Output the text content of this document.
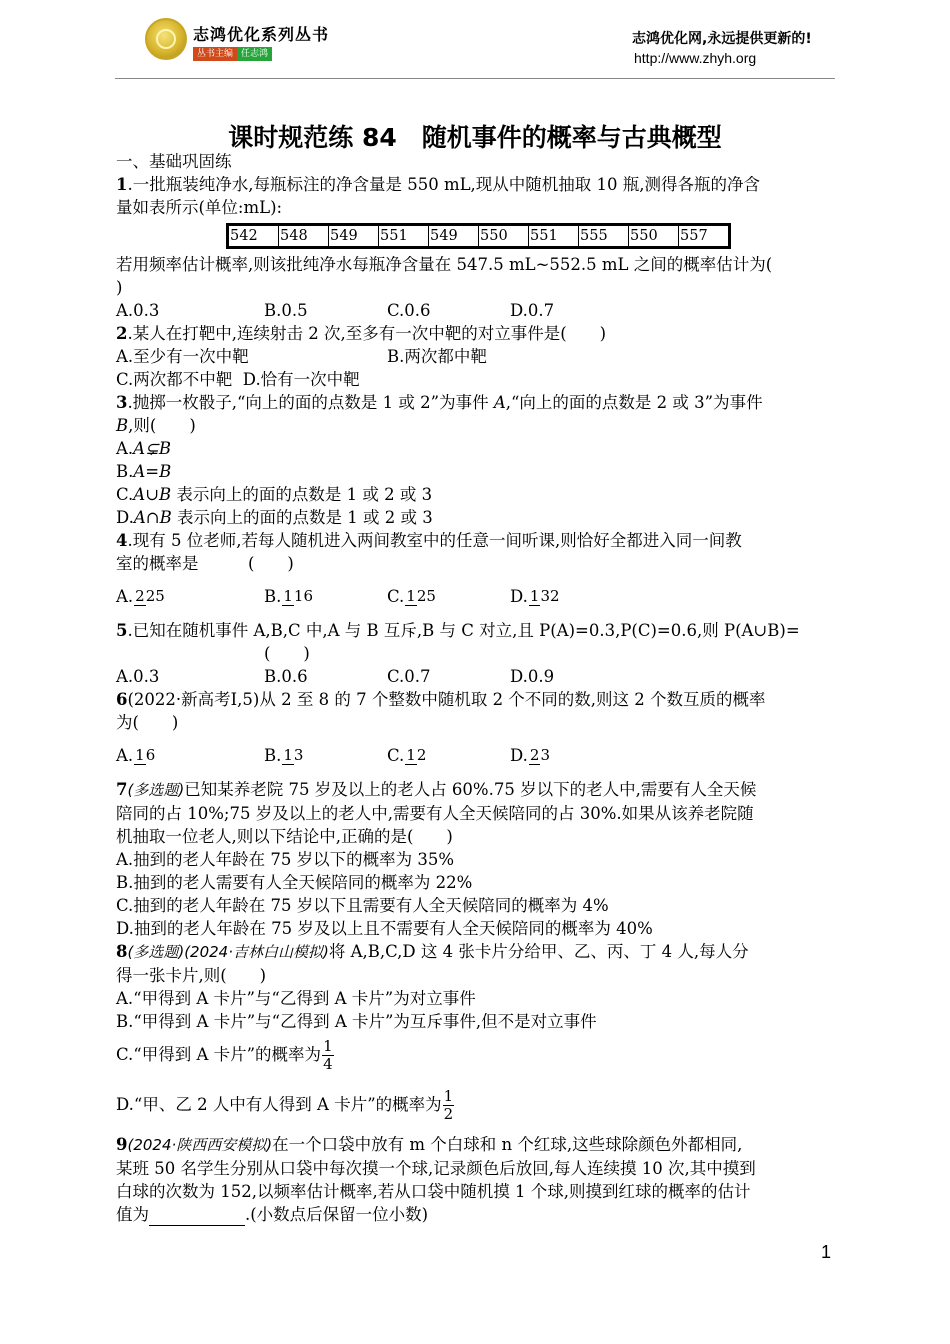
志鸿优化系列丛书
丛书主编 任志鸿
志鸿优化网,永远提供更新的!
http://www.zhyh.org
课时规范练 84　随机事件的概率与古典概型

一、基础巩固练

1.一批瓶装纯净水,每瓶标注的净含量是 550 mL,现从中随机抽取 10 瓶,测得各瓶的净含

量如表所示(单位:mL):

542	548	549	551	549	550	551	555	550	557

若用频率估计概率,则该批纯净水每瓶净含量在 547.5 mL~552.5 mL 之间的概率估计为(

)

A.0.3	B.0.5	C.0.6	D.0.7

2.某人在打靶中,连续射击 2 次,至多有一次中靶的对立事件是(　　)

A.至少有一次中靶	B.两次都中靶

C.两次都不中靶 D.恰有一次中靶

3.抛掷一枚骰子,“向上的面的点数是 1 或 2”为事件 A,“向上的面的点数是 2 或 3”为事件

B,则(　　)

A.A⊊B

B.A=B

C.A∪B 表示向上的面的点数是 1 或 2 或 3

D.A∩B 表示向上的面的点数是 1 或 2 或 3

4.现有 5 位老师,若每人随机进入两间教室中的任意一间听课,则恰好全都进入同一间教

室的概率是　　　(　　)

A. 225	B. 116	C. 125	D. 132

5.已知在随机事件 A,B,C 中,A 与 B 互斥,B 与 C 对立,且 P(A)=0.3,P(C)=0.6,则 P(A∪B)=

(　　)

A.0.3	B.0.6	C.0.7	D.0.9

6(2022·新高考Ⅰ,5)从 2 至 8 的 7 个整数中随机取 2 个不同的数,则这 2 个数互质的概率

为(　　)

A. 16	B. 13	C. 12	D. 23

7(多选题)已知某养老院 75 岁及以上的老人占 60%.75 岁以下的老人中,需要有人全天候

陪同的占 10%;75 岁及以上的老人中,需要有人全天候陪同的占 30%.如果从该养老院随

机抽取一位老人,则以下结论中,正确的是(　　)

A.抽到的老人年龄在 75 岁以下的概率为 35%

B.抽到的老人需要有人全天候陪同的概率为 22%

C.抽到的老人年龄在 75 岁以下且需要有人全天候陪同的概率为 4%

D.抽到的老人年龄在 75 岁及以上且不需要有人全天候陪同的概率为 40%

8(多选题)(2024·吉林白山模拟)将 A,B,C,D 这 4 张卡片分给甲、乙、丙、丁 4 人,每人分

得一张卡片,则(　　)

A.“甲得到 A 卡片”与“乙得到 A 卡片”为对立事件

B.“甲得到 A 卡片”与“乙得到 A 卡片”为互斥事件,但不是对立事件

C.“甲得到 A 卡片”的概率为 $\frac{1}{4}$

D.“甲、乙 2 人中有人得到 A 卡片”的概率为 $\frac{1}{2}$

9(2024·陕西西安模拟)在一个口袋中放有 m 个白球和 n 个红球,这些球除颜色外都相同,

某班 50 名学生分别从口袋中每次摸一个球,记录颜色后放回,每人连续摸 10 次,其中摸到

白球的次数为 152,以频率估计概率,若从口袋中随机摸 1 个球,则摸到红球的概率的估计

值为	.(小数点后保留一位小数)

1
